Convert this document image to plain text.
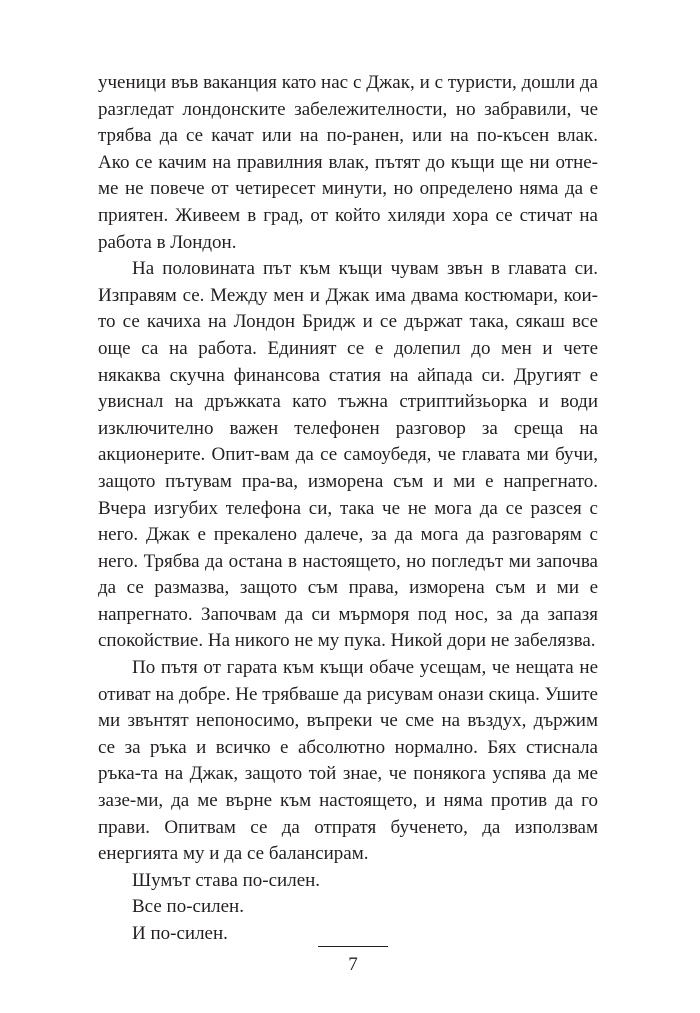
ученици във ваканция като нас с Джак, и с туристи, дошли да разгледат лондонските забележителности, но забравили, че трябва да се качат или на по-ранен, или на по-късен влак. Ако се качим на правилния влак, пътят до къщи ще ни отне-ме не повече от четиресет минути, но определено няма да е приятен. Живеем в град, от който хиляди хора се стичат на работа в Лондон.

На половината път към къщи чувам звън в главата си. Изправям се. Между мен и Джак има двама костюмари, кои-то се качиха на Лондон Бридж и се държат така, сякаш все още са на работа. Единият се е долепил до мен и чете някаква скучна финансова статия на айпада си. Другият е увиснал на дръжката като тъжна стриптийзьорка и води изключително важен телефонен разговор за среща на акционерите. Опит-вам да се самоубедя, че главата ми бучи, защото пътувам пра-ва, изморена съм и ми е напрегнато. Вчера изгубих телефона си, така че не мога да се разсея с него. Джак е прекалено далече, за да мога да разговарям с него. Трябва да остана в настоящето, но погледът ми започва да се размазва, защото съм права, изморена съм и ми е напрегнато. Започвам да си мърморя под нос, за да запазя спокойствие. На никого не му пука. Никой дори не забелязва.

По пътя от гарата към къщи обаче усещам, че нещата не отиват на добре. Не трябваше да рисувам онази скица. Ушите ми звънтят непоносимо, въпреки че сме на въздух, държим се за ръка и всичко е абсолютно нормално. Бях стиснала ръка-та на Джак, защото той знае, че понякога успява да ме зазе-ми, да ме върне към настоящето, и няма против да го прави. Опитвам се да отпратя бученето, да използвам енергията му и да се балансирам.

Шумът става по-силен.

Все по-силен.

И по-силен.

7
